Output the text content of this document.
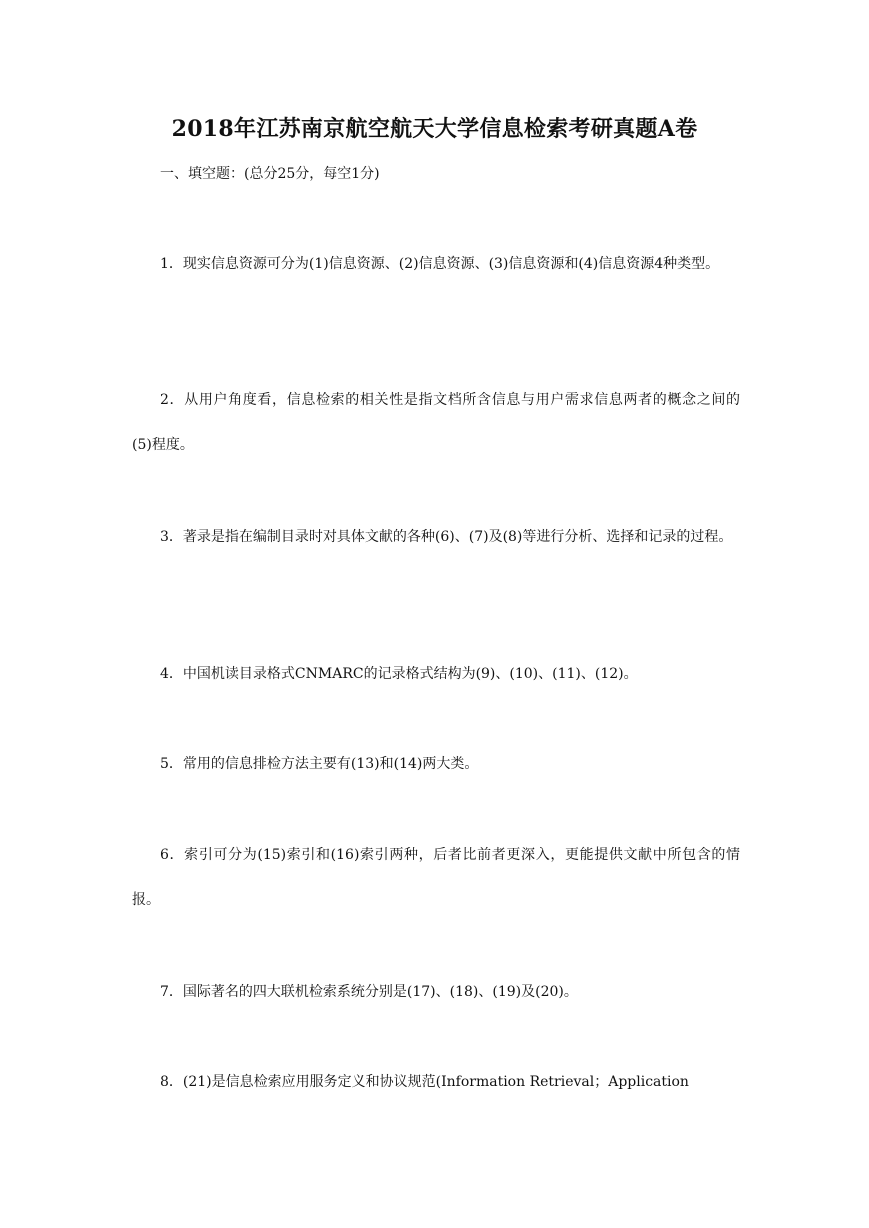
2018年江苏南京航空航天大学信息检索考研真题A卷
一、填空题：(总分25分，每空1分)

1．现实信息资源可分为(1)信息资源、(2)信息资源、(3)信息资源和(4)信息资源4种类型。

2．从用户角度看，信息检索的相关性是指文档所含信息与用户需求信息两者的概念之间的　　(5)程度。

3．著录是指在编制目录时对具体文献的各种(6)、(7)及(8)等进行分析、选择和记录的过程。

4．中国机读目录格式CNMARC的记录格式结构为(9)、(10)、(11)、(12)。

5．常用的信息排检方法主要有(13)和(14)两大类。

6．索引可分为(15)索引和(16)索引两种，后者比前者更深入，更能提供文献中所包含的情报。

7．国际著名的四大联机检索系统分别是(17)、(18)、(19)及(20)。

8．(21)是信息检索应用服务定义和协议规范(Information Retrieval；Application
